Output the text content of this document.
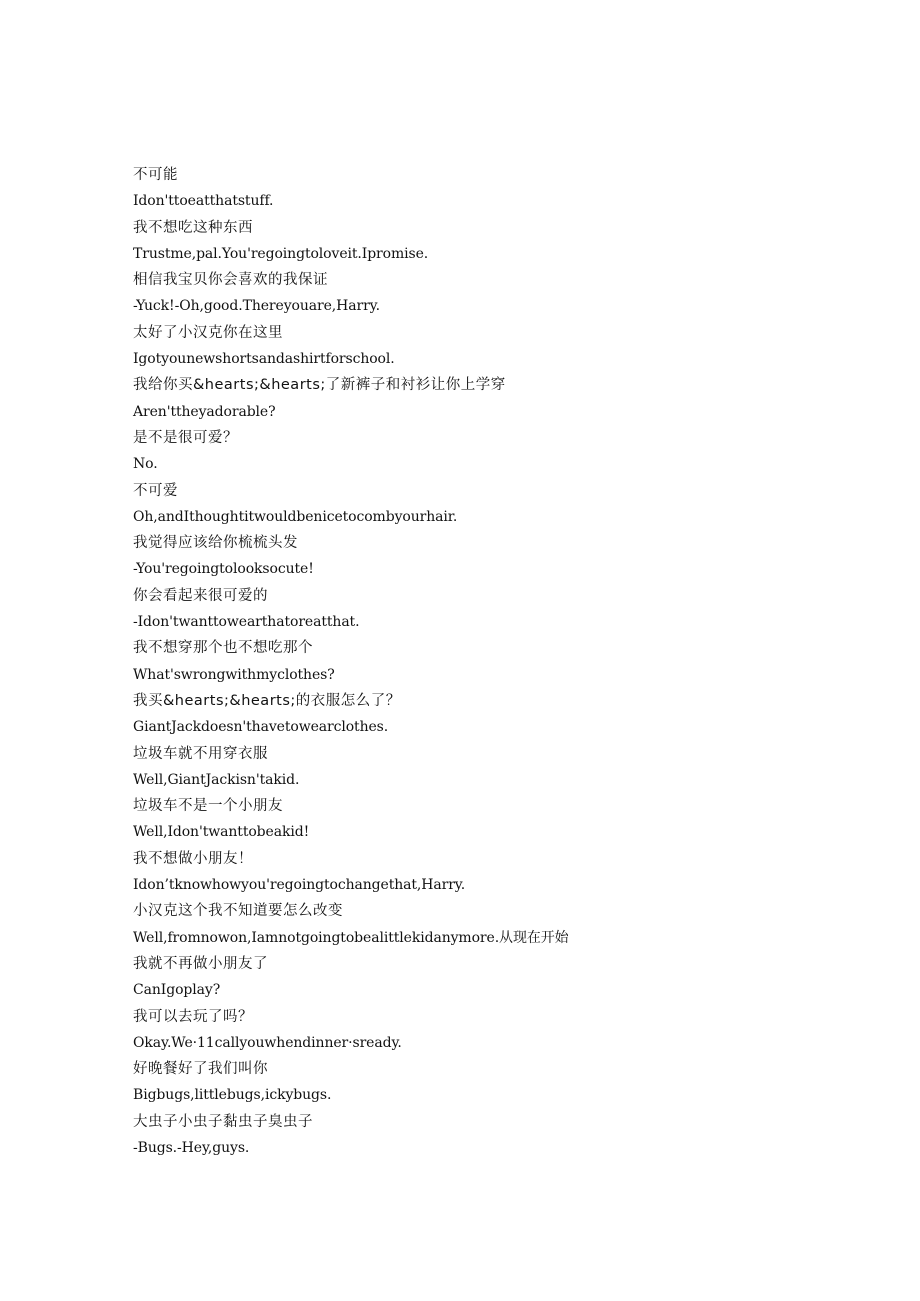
不可能

Idon'ttoeatthatstuff.

我不想吃这种东西

Trustme,pal.You'regoingtoloveit.Ipromise.

相信我宝贝你会喜欢的我保证

-Yuck!-Oh,good.Thereyouare,Harry.

太好了小汉克你在这里

Igotyounewshortsandashirtforschool.

我给你买&hearts;&hearts;了新裤子和衬衫让你上学穿

Aren'ttheyadorable?

是不是很可爱？

No.

不可爱

Oh,andIthoughtitwouldbenicetocombyourhair.

我觉得应该给你梳梳头发

-You'regoingtolooksocute!

你会看起来很可爱的

-Idon'twanttowearthatoreatthat.

我不想穿那个也不想吃那个

What'swrongwithmyclothes?

我买&hearts;&hearts;的衣服怎么了？

GiantJackdoesn'thavetowearclothes.

垃圾车就不用穿衣服

Well,GiantJackisn'takid.

垃圾车不是一个小朋友

Well,Idon'twanttobeakid!

我不想做小朋友！

Idon’tknowhowyou'regoingtochangethat,Harry.

小汉克这个我不知道要怎么改变

Well,fromnowon,Iamnotgoingtobealittlekidanymore.从现在开始

我就不再做小朋友了

CanIgoplay?

我可以去玩了吗？

Okay.We·11callyouwhendinner·sready.

好晚餐好了我们叫你

Bigbugs,littlebugs,ickybugs.

大虫子小虫子黏虫子臭虫子

-Bugs.-Hey,guys.
